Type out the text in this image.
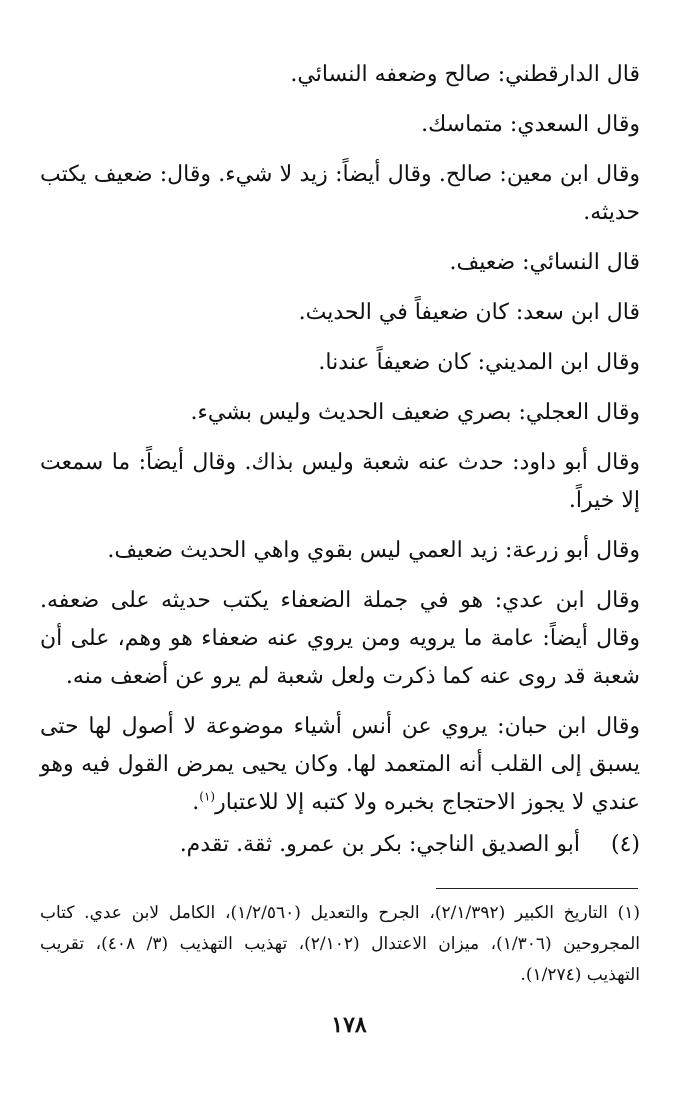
قال الدارقطني: صالح وضعفه النسائي.

وقال السعدي: متماسك.

وقال ابن معين: صالح. وقال أيضاً: زيد لا شيء. وقال: ضعيف يكتب حديثه.

قال النسائي: ضعيف.

قال ابن سعد: كان ضعيفاً في الحديث.

وقال ابن المديني: كان ضعيفاً عندنا.

وقال العجلي: بصري ضعيف الحديث وليس بشيء.

وقال أبو داود: حدث عنه شعبة وليس بذاك. وقال أيضاً: ما سمعت إلا خيراً.

وقال أبو زرعة: زيد العمي ليس بقوي واهي الحديث ضعيف.

وقال ابن عدي: هو في جملة الضعفاء يكتب حديثه على ضعفه. وقال أيضاً: عامة ما يرويه ومن يروي عنه ضعفاء هو وهم، على أن شعبة قد روى عنه كما ذكرت ولعل شعبة لم يرو عن أضعف منه.

وقال ابن حبان: يروي عن أنس أشياء موضوعة لا أصول لها حتى يسبق إلى القلب أنه المتعمد لها. وكان يحيى يمرض القول فيه وهو عندي لا يجوز الاحتجاج بخبره ولا كتبه إلا للاعتبار$^{(١)}$.

(٤)
أبو الصديق الناجي: بكر بن عمرو. ثقة. تقدم.

(١) التاريخ الكبير (٢/١/٣٩٢)، الجرح والتعديل (١/٢/٥٦٠)، الكامل لابن عدي. كتاب المجروحين (١/٣٠٦)، ميزان الاعتدال (٢/١٠٢)، تهذيب التهذيب (٣/ ٤٠٨)، تقريب التهذيب (١/٢٧٤).

١٧٨
